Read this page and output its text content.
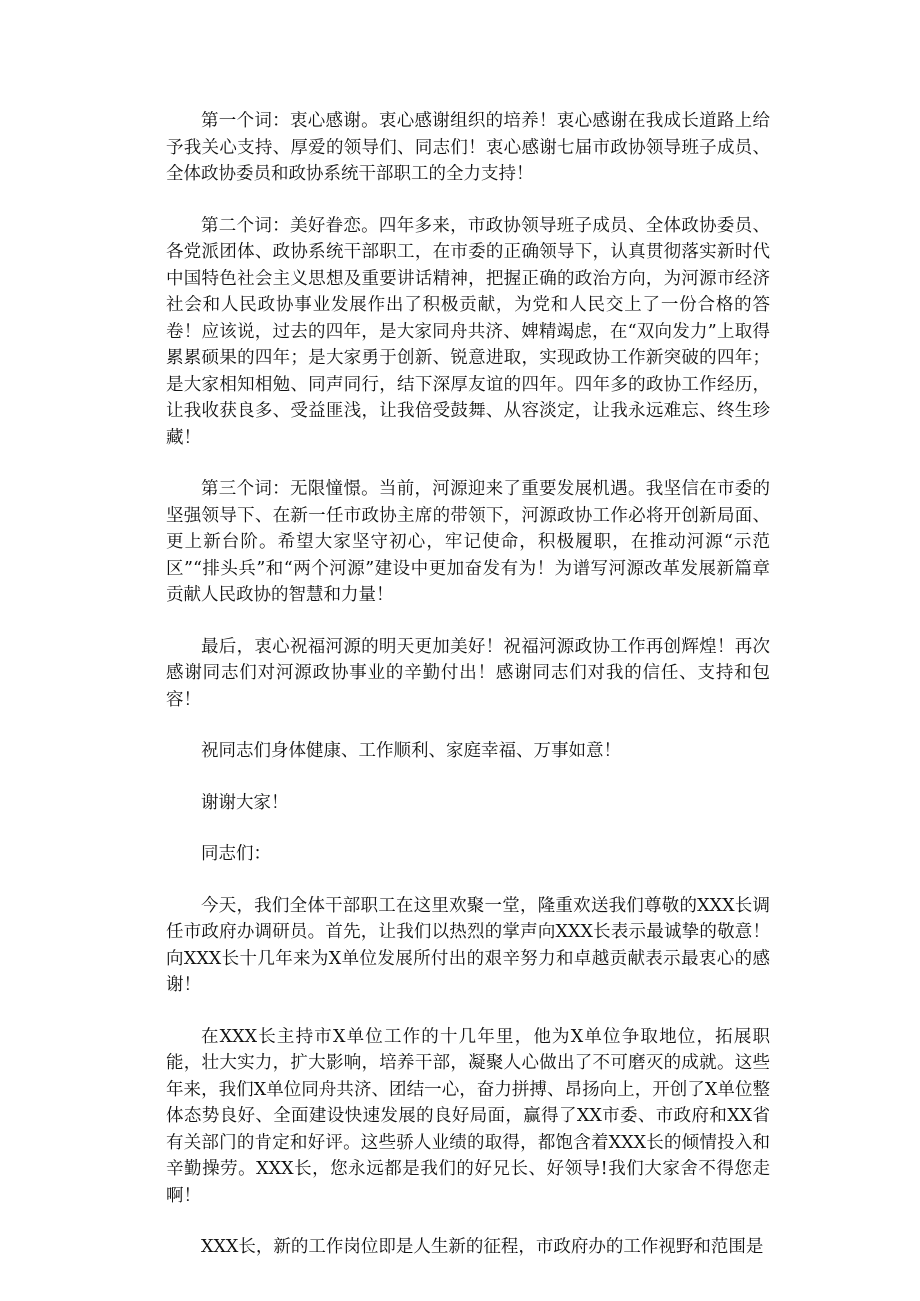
第一个词：衷心感谢。衷心感谢组织的培养！衷心感谢在我成长道路上给予我关心支持、厚爱的领导们、同志们！衷心感谢七届市政协领导班子成员、全体政协委员和政协系统干部职工的全力支持！

第二个词：美好眷恋。四年多来，市政协领导班子成员、全体政协委员、各党派团体、政协系统干部职工，在市委的正确领导下，认真贯彻落实新时代中国特色社会主义思想及重要讲话精神，把握正确的政治方向，为河源市经济社会和人民政协事业发展作出了积极贡献，为党和人民交上了一份合格的答卷！应该说，过去的四年，是大家同舟共济、婢精竭虑，在“双向发力”上取得累累硕果的四年；是大家勇于创新、锐意进取，实现政协工作新突破的四年；是大家相知相勉、同声同行，结下深厚友谊的四年。四年多的政协工作经历，让我收获良多、受益匪浅，让我倍受鼓舞、从容淡定，让我永远难忘、终生珍藏！

第三个词：无限憧憬。当前，河源迎来了重要发展机遇。我坚信在市委的坚强领导下、在新一任市政协主席的带领下，河源政协工作必将开创新局面、更上新台阶。希望大家坚守初心，牢记使命，积极履职，在推动河源“示范区”“排头兵”和“两个河源”建设中更加奋发有为！为谱写河源改革发展新篇章贡献人民政协的智慧和力量！

最后，衷心祝福河源的明天更加美好！祝福河源政协工作再创辉煌！再次感谢同志们对河源政协事业的辛勤付出！感谢同志们对我的信任、支持和包容！

祝同志们身体健康、工作顺利、家庭幸福、万事如意！

谢谢大家！

同志们：

今天，我们全体干部职工在这里欢聚一堂，隆重欢送我们尊敬的XXX长调任市政府办调研员。首先，让我们以热烈的掌声向XXX长表示最诚挚的敬意！向XXX长十几年来为X单位发展所付出的艰辛努力和卓越贡献表示最衷心的感谢！

在XXX长主持市X单位工作的十几年里，他为X单位争取地位，拓展职能，壮大实力，扩大影响，培养干部，凝聚人心做出了不可磨灭的成就。这些年来，我们X单位同舟共济、团结一心，奋力拼搏、昂扬向上，开创了X单位整体态势良好、全面建设快速发展的良好局面，赢得了XX市委、市政府和XX省有关部门的肯定和好评。这些骄人业绩的取得，都饱含着XXX长的倾情投入和辛勤操劳。XXX长，您永远都是我们的好兄长、好领导!我们大家舍不得您走啊！

XXX长，新的工作岗位即是人生新的征程，市政府办的工作视野和范围是
